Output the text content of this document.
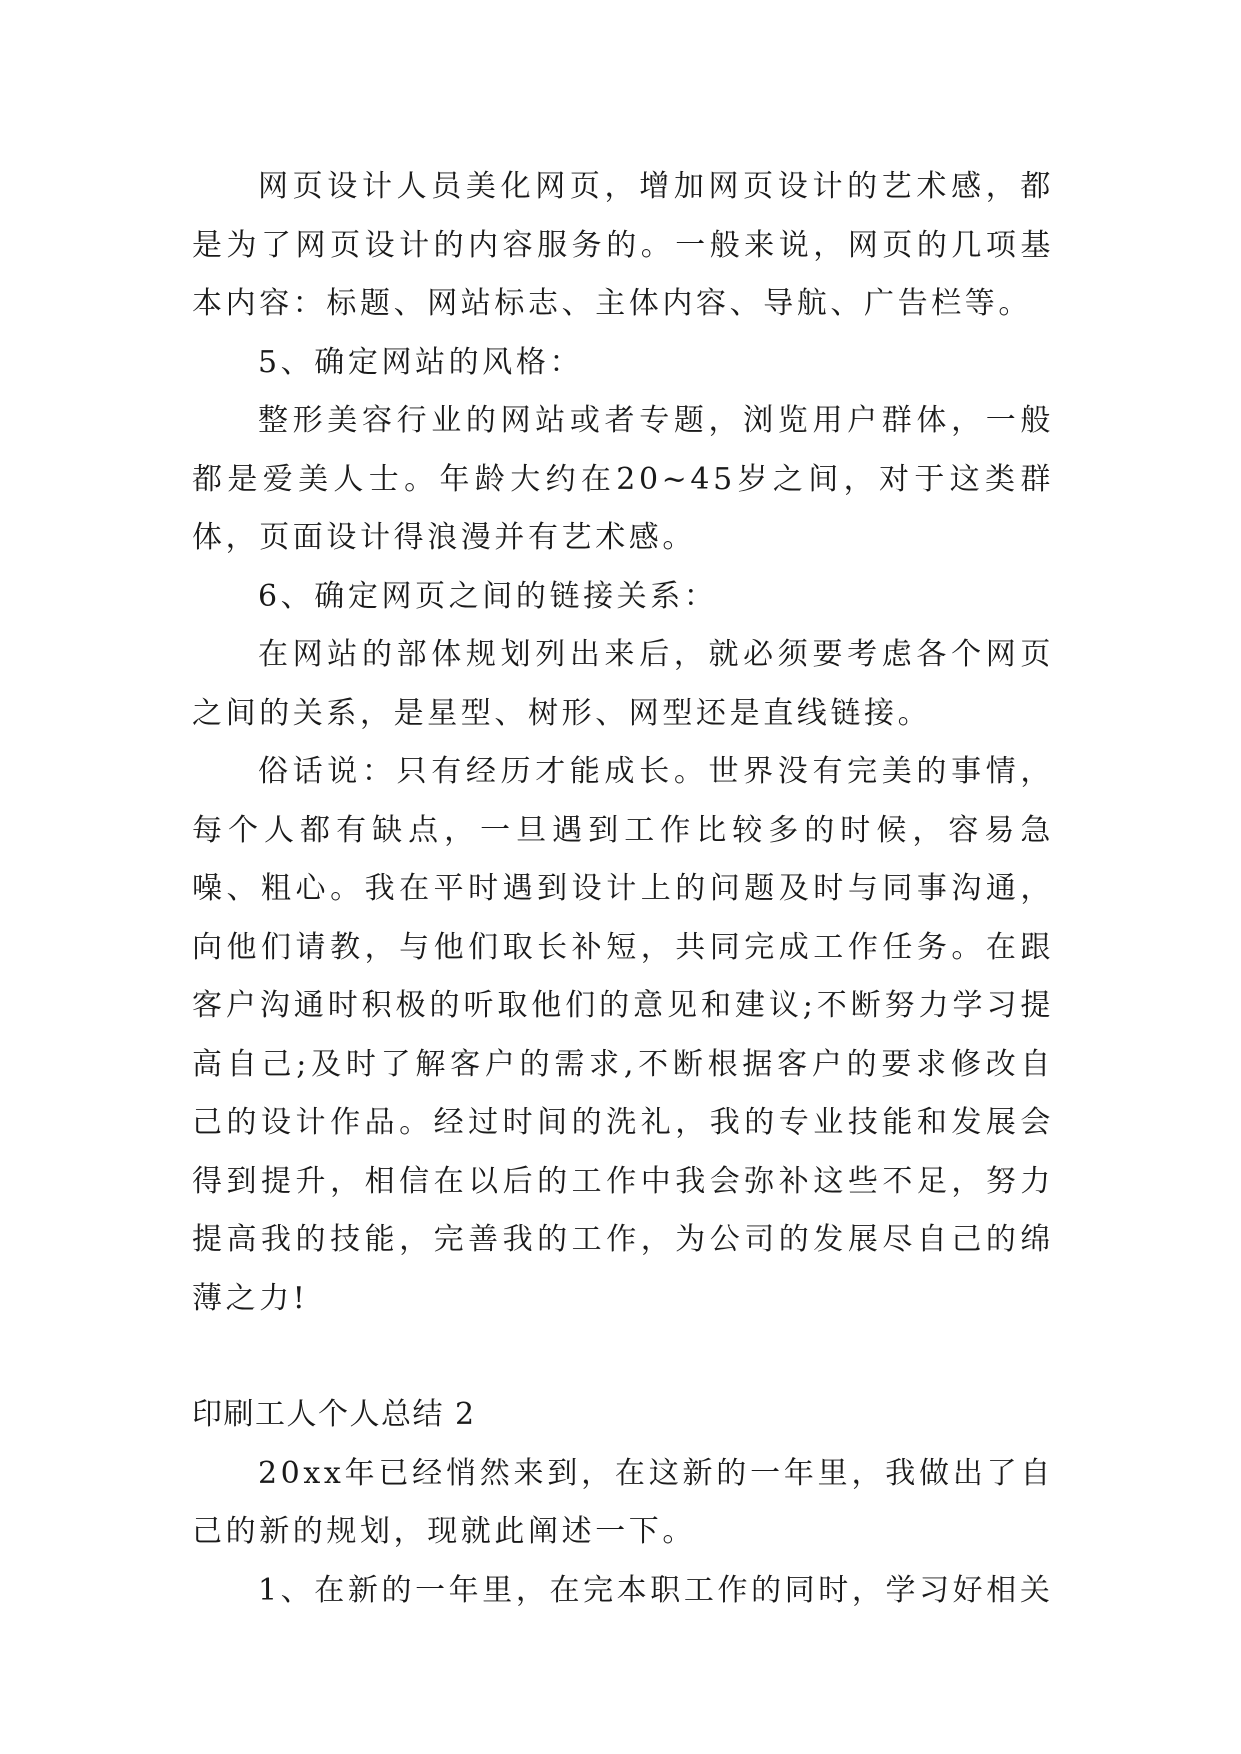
网页设计人员美化网页，增加网页设计的艺术感，都是为了网页设计的内容服务的。一般来说，网页的几项基本内容：标题、网站标志、主体内容、导航、广告栏等。

5、确定网站的风格：

整形美容行业的网站或者专题，浏览用户群体，一般都是爱美人士。年龄大约在20~45岁之间，对于这类群体，页面设计得浪漫并有艺术感。

6、确定网页之间的链接关系：

在网站的部体规划列出来后，就必须要考虑各个网页之间的关系，是星型、树形、网型还是直线链接。

俗话说：只有经历才能成长。世界没有完美的事情，每个人都有缺点，一旦遇到工作比较多的时候，容易急噪、粗心。我在平时遇到设计上的问题及时与同事沟通，向他们请教，与他们取长补短，共同完成工作任务。在跟客户沟通时积极的听取他们的意见和建议;不断努力学习提高自己;及时了解客户的需求,不断根据客户的要求修改自己的设计作品。经过时间的洗礼，我的专业技能和发展会得到提升，相信在以后的工作中我会弥补这些不足，努力提高我的技能，完善我的工作，为公司的发展尽自己的绵薄之力!

印刷工人个人总结 2

20xx年已经悄然来到，在这新的一年里，我做出了自己的新的规划，现就此阐述一下。

1、在新的一年里，在完本职工作的同时，学习好相关
